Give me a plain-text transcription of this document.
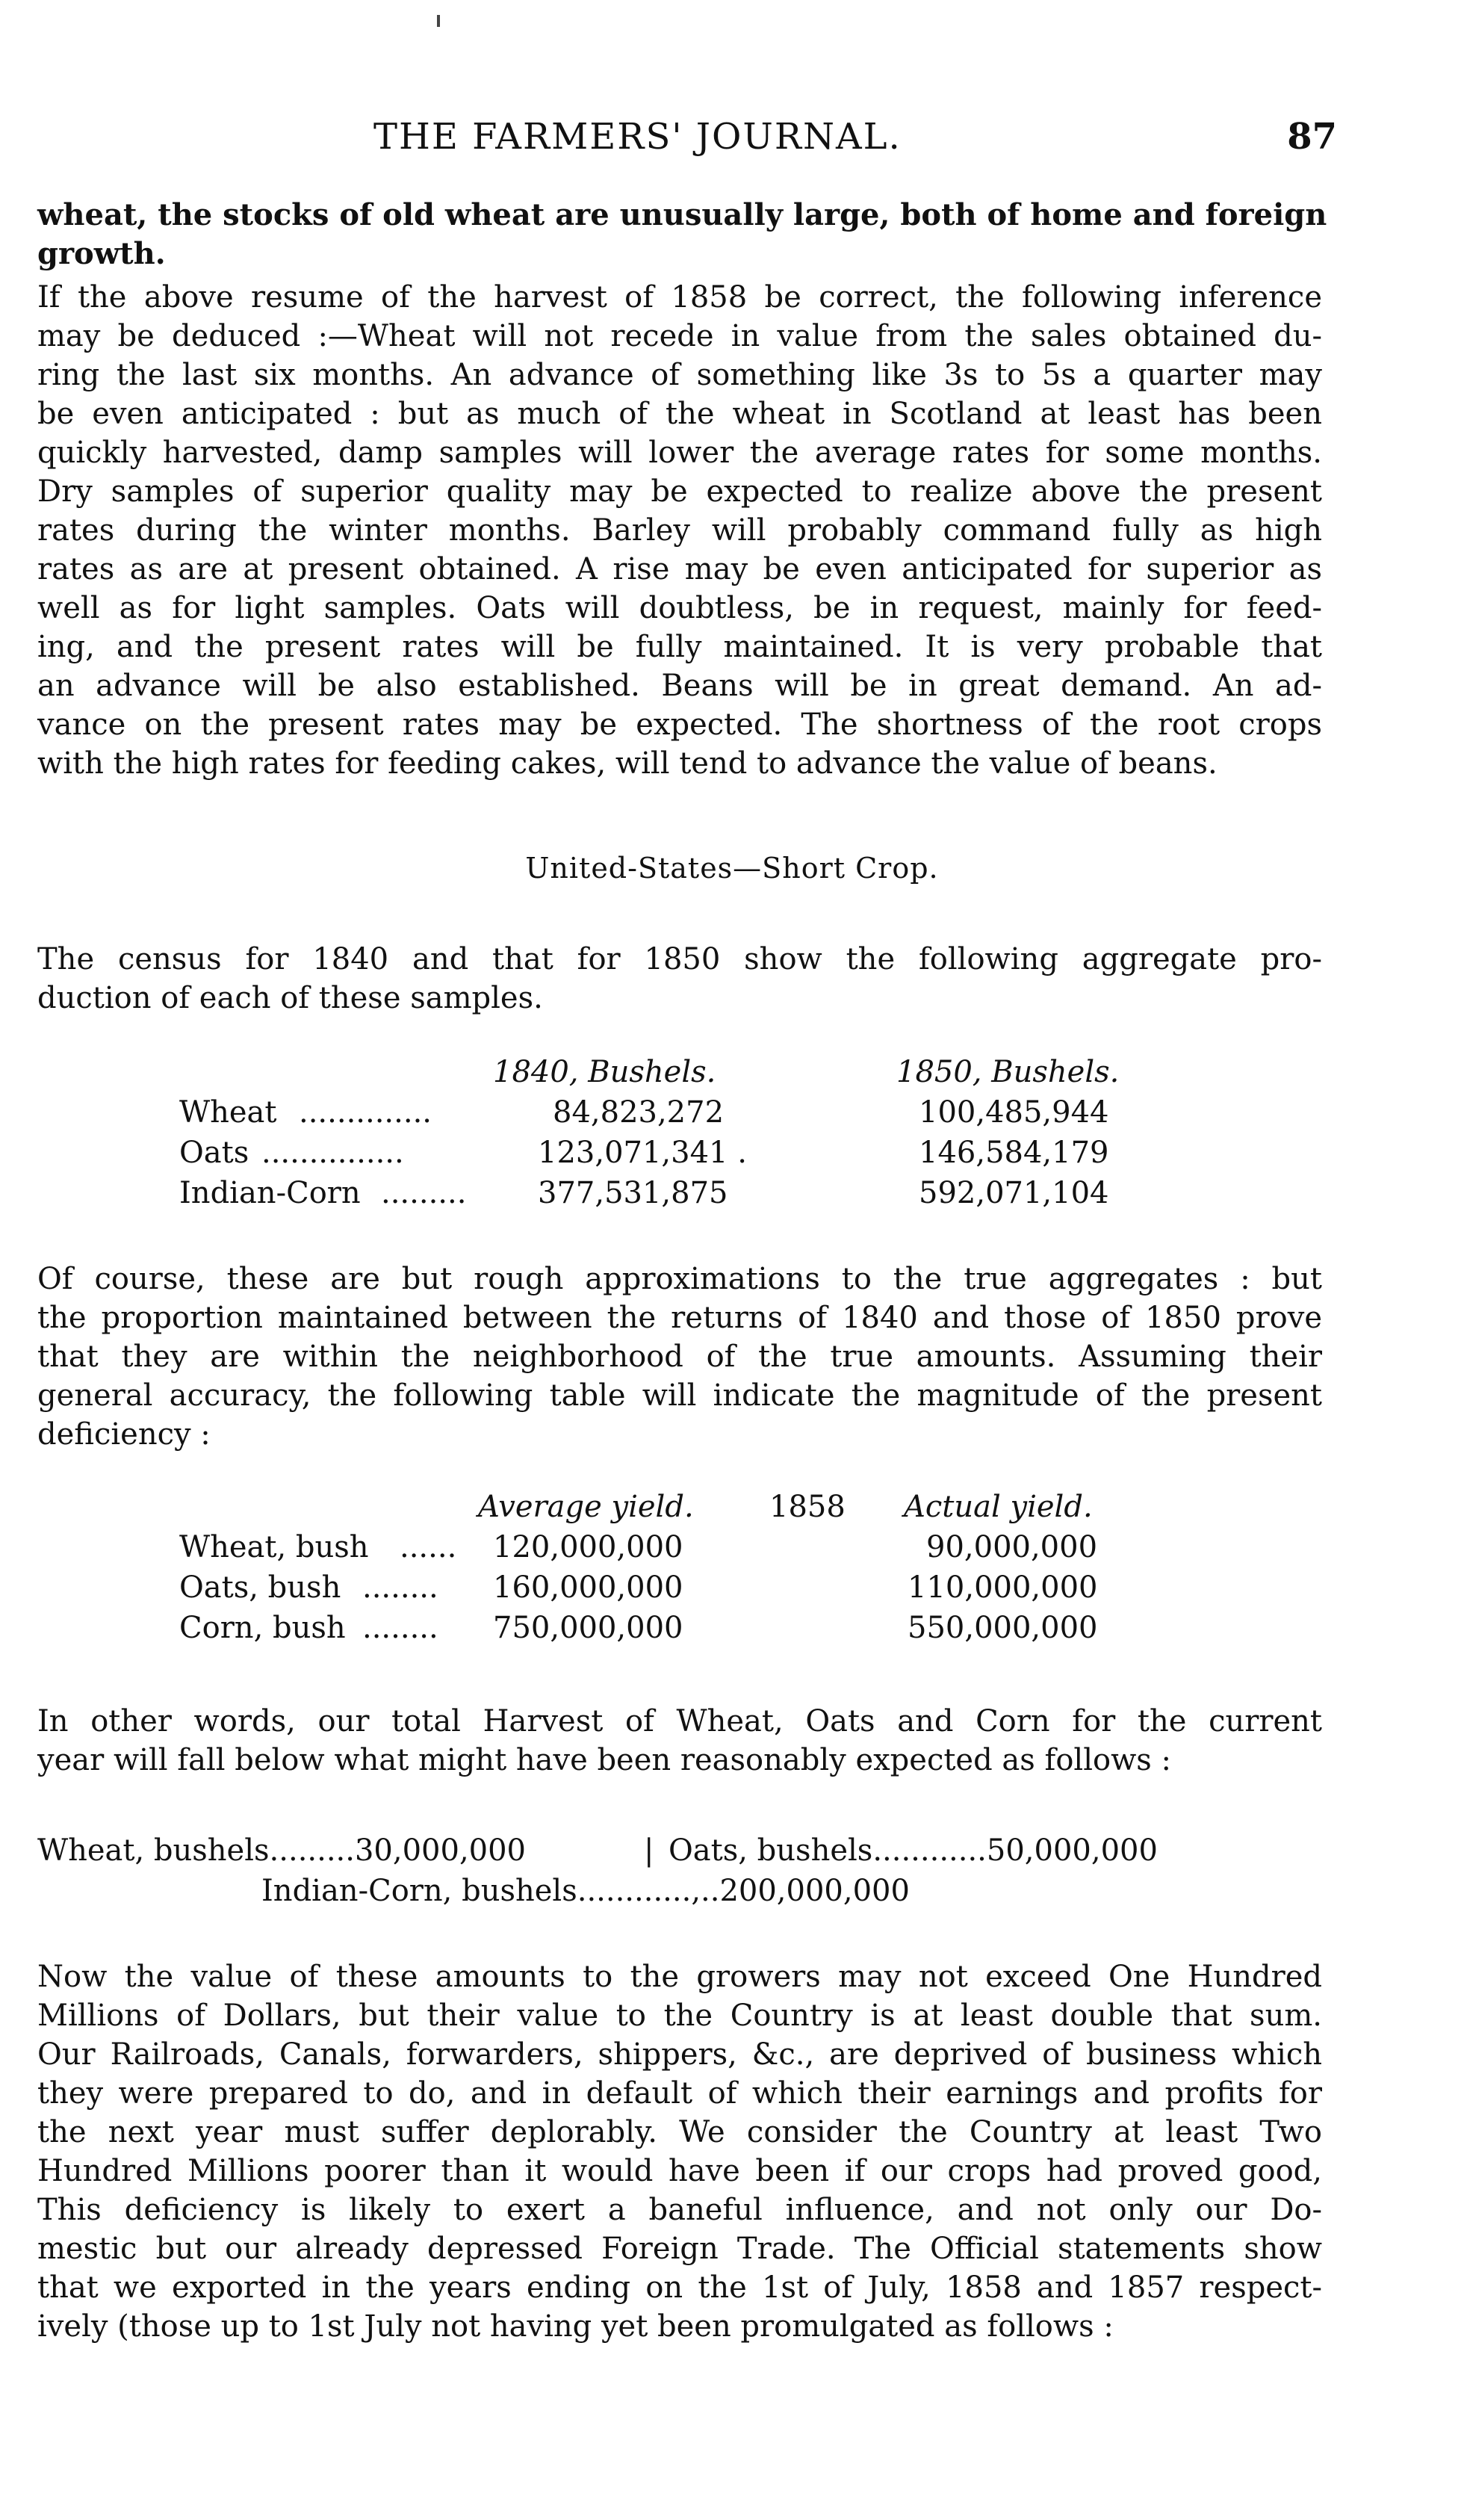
THE FARMERS' JOURNAL.	87
wheat, the stocks of old wheat are unusually large, both of home and foreign
growth.
If the above resume of the harvest of 1858 be correct, the following inference
may be deduced :—Wheat will not recede in value from the sales obtained du-
ring the last six months. An advance of something like 3s to 5s a quarter may
be even anticipated : but as much of the wheat in Scotland at least has been
quickly harvested, damp samples will lower the average rates for some months.
Dry samples of superior quality may be expected to realize above the present
rates during the winter months. Barley will probably command fully as high
rates as are at present obtained. A rise may be even anticipated for superior as
well as for light samples. Oats will doubtless, be in request, mainly for feed-
ing, and the present rates will be fully maintained. It is very probable that
an advance will be also established. Beans will be in great demand. An ad-
vance on the present rates may be expected. The shortness of the root crops
with the high rates for feeding cakes, will tend to advance the value of beans.
United-States—Short Crop.
The census for 1840 and that for 1850 show the following aggregate pro-
duction of each of these samples.
1840, Bushels.	1850, Bushels.
Wheat ..............	84,823,272	100,485,944
Oats ...............	123,071,341 .	146,584,179
Indian-Corn ......... 377,531,875	592,071,104
Of course, these are but rough approximations to the true aggregates : but
the proportion maintained between the returns of 1840 and those of 1850 prove
that they are within the neighborhood of the true amounts. Assuming their
general accuracy, the following table will indicate the magnitude of the present
deficiency :
Average yield.	1858 Actual yield.
Wheat, bush ...... 120,000,000	90,000,000
Oats, bush ........ 160,000,000	110,000,000
Corn, bush ........ 750,000,000	550,000,000
In other words, our total Harvest of Wheat, Oats and Corn for the current
year will fall below what might have been reasonably expected as follows :
Wheat, bushels.........30,000,000	| Oats, bushels............50,000,000
Indian-Corn, bushels............,..200,000,000
Now the value of these amounts to the growers may not exceed One Hundred
Millions of Dollars, but their value to the Country is at least double that sum.
Our Railroads, Canals, forwarders, shippers, &c., are deprived of business which
they were prepared to do, and in default of which their earnings and profits for
the next year must suffer deplorably. We consider the Country at least Two
Hundred Millions poorer than it would have been if our crops had proved good,
This deficiency is likely to exert a baneful influence, and not only our Do-
mestic but our already depressed Foreign Trade. The Official statements show
that we exported in the years ending on the 1st of July, 1858 and 1857 respect-
ively (those up to 1st July not having yet been promulgated as follows :
